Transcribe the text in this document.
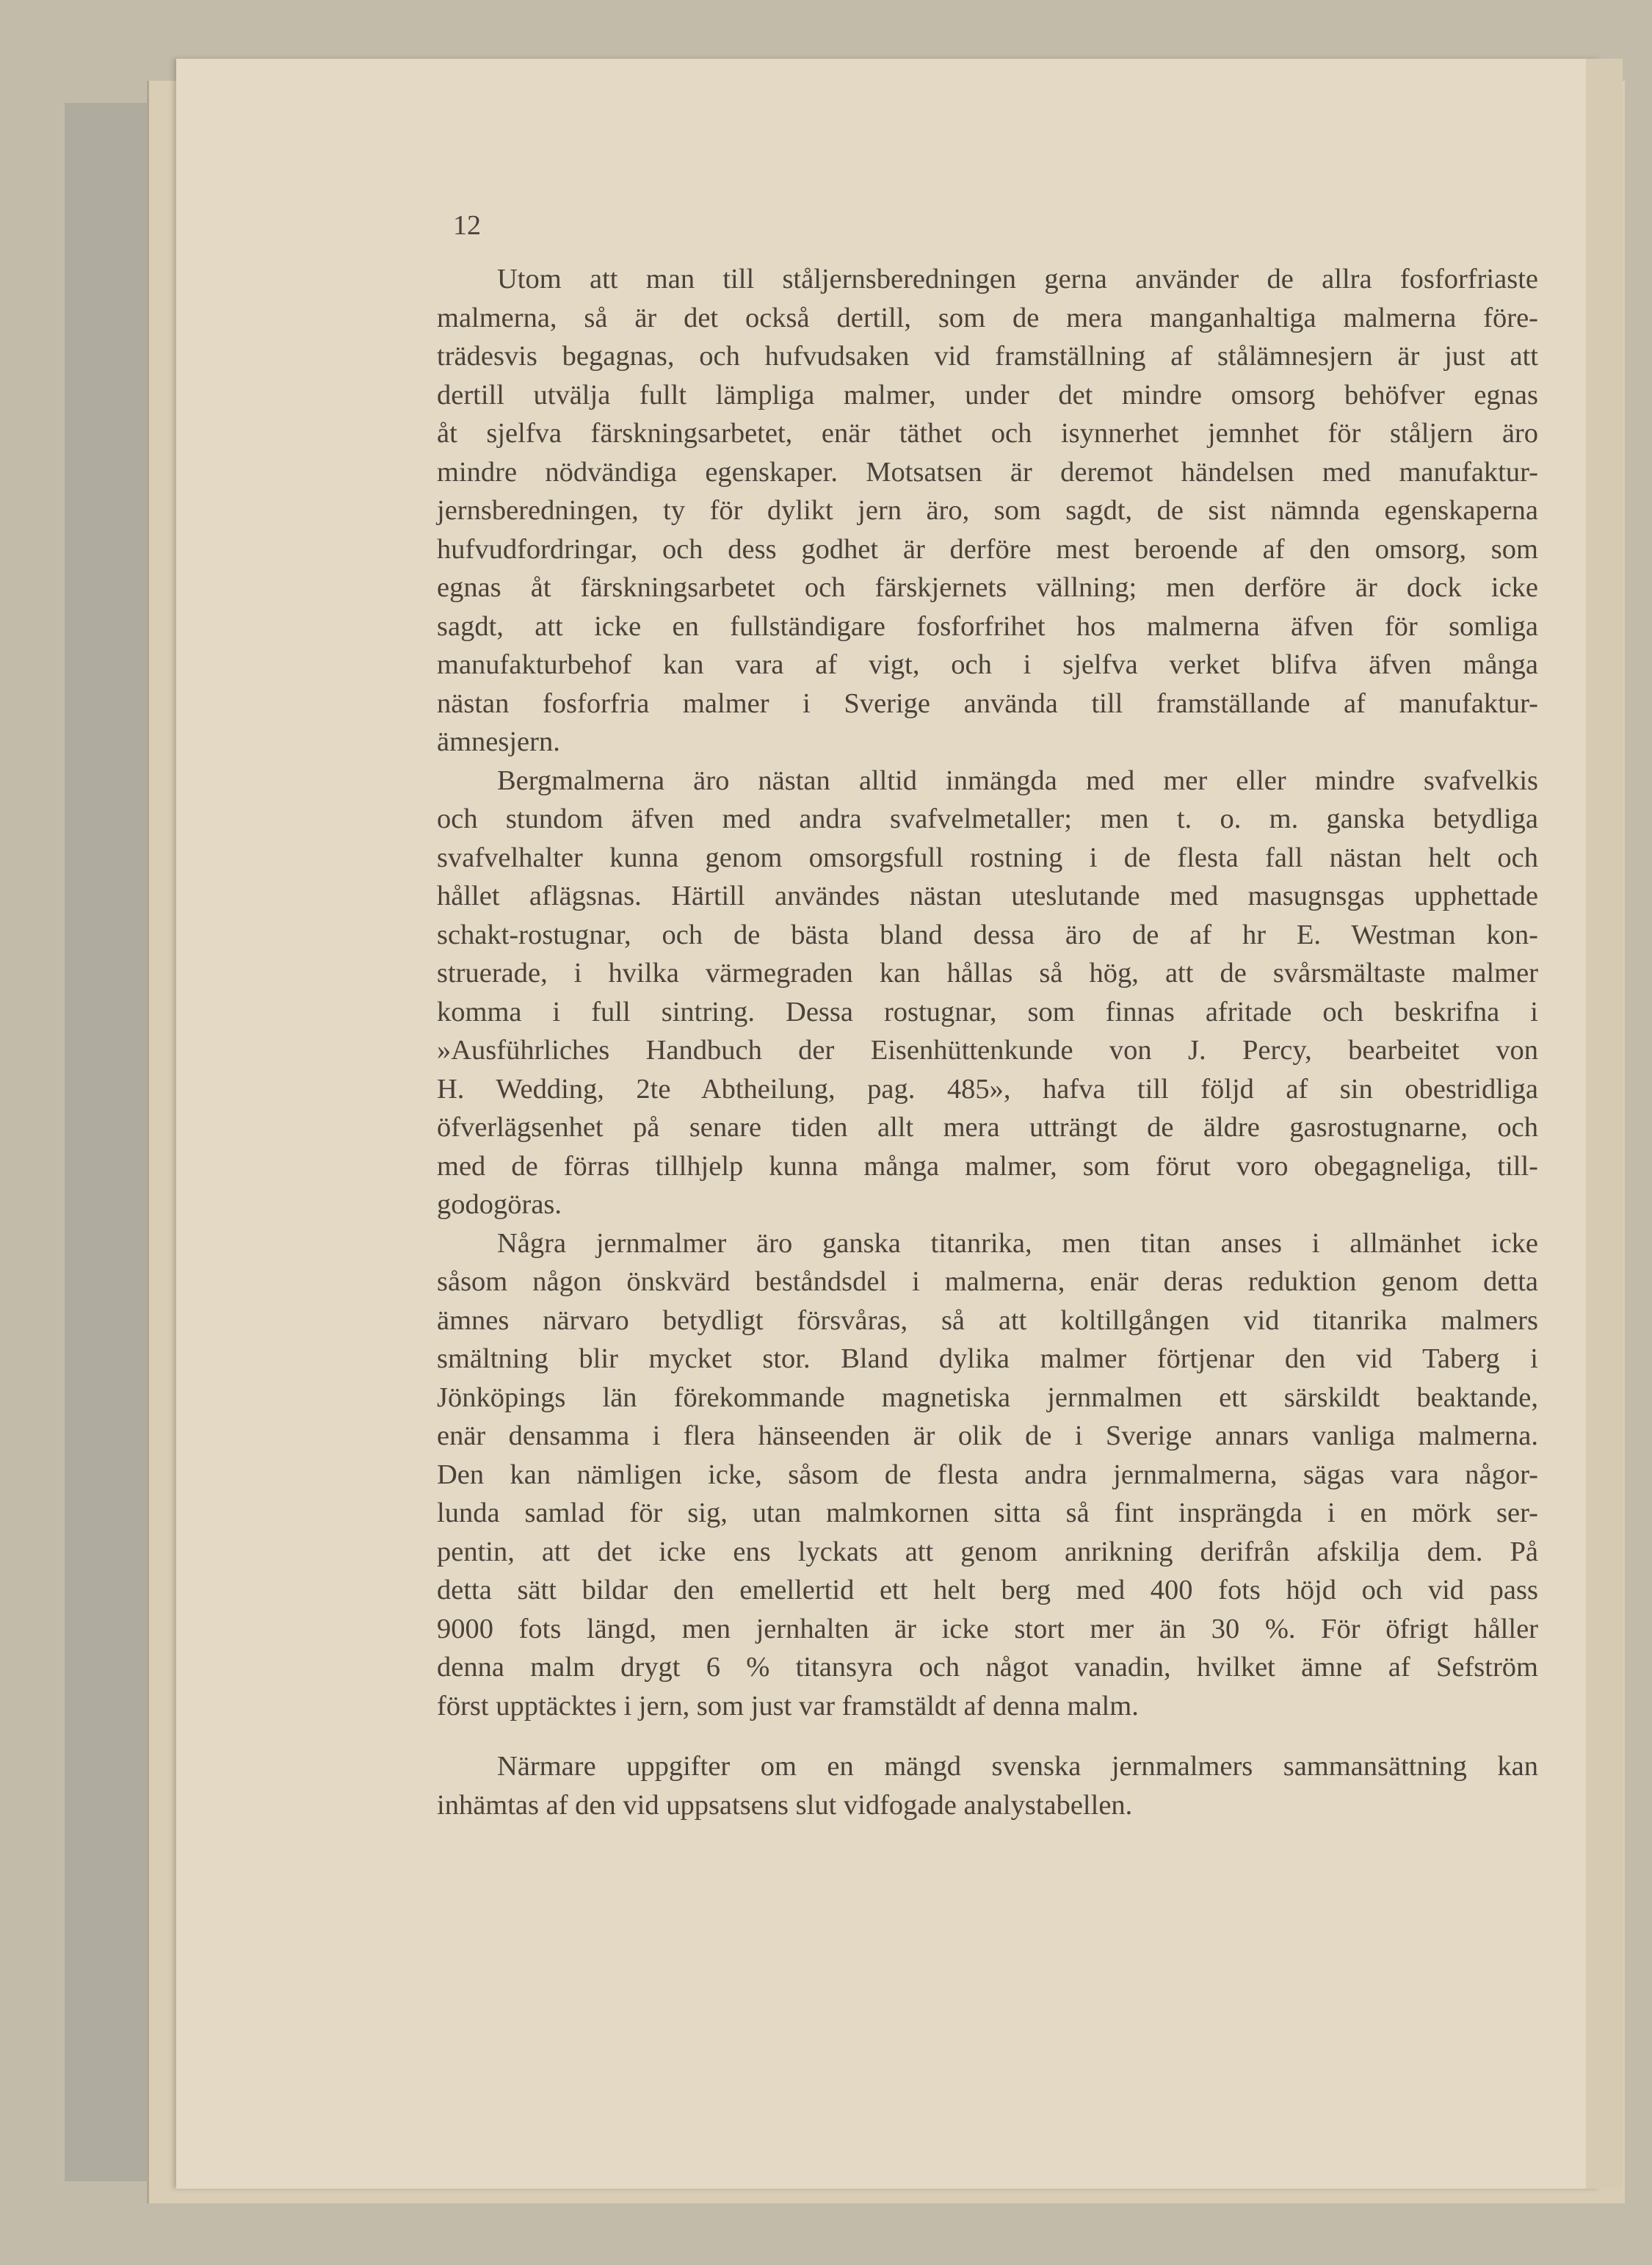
12
Utom att man till ståljernsberedningen gerna använder de allra fosforfriaste
malmerna, så är det också dertill, som de mera manganhaltiga malmerna före-
trädesvis begagnas, och hufvudsaken vid framställning af stålämnesjern är just att
dertill utvälja fullt lämpliga malmer, under det mindre omsorg behöfver egnas
åt sjelfva färskningsarbetet, enär täthet och isynnerhet jemnhet för ståljern äro
mindre nödvändiga egenskaper. Motsatsen är deremot händelsen med manufaktur-
jernsberedningen, ty för dylikt jern äro, som sagdt, de sist nämnda egenskaperna
hufvudfordringar, och dess godhet är derföre mest beroende af den omsorg, som
egnas åt färskningsarbetet och färskjernets vällning; men derföre är dock icke
sagdt, att icke en fullständigare fosforfrihet hos malmerna äfven för somliga
manufakturbehof kan vara af vigt, och i sjelfva verket blifva äfven många
nästan fosforfria malmer i Sverige använda till framställande af manufaktur-
ämnesjern.
Bergmalmerna äro nästan alltid inmängda med mer eller mindre svafvelkis
och stundom äfven med andra svafvelmetaller; men t. o. m. ganska betydliga
svafvelhalter kunna genom omsorgsfull rostning i de flesta fall nästan helt och
hållet aflägsnas. Härtill användes nästan uteslutande med masugnsgas upphettade
schakt-rostugnar, och de bästa bland dessa äro de af hr E. Westman kon-
struerade, i hvilka värmegraden kan hållas så hög, att de svårsmältaste malmer
komma i full sintring. Dessa rostugnar, som finnas afritade och beskrifna i
»Ausführliches Handbuch der Eisenhüttenkunde von J. Percy, bearbeitet von
H. Wedding, 2te Abtheilung, pag. 485», hafva till följd af sin obestridliga
öfverlägsenhet på senare tiden allt mera utträngt de äldre gasrostugnarne, och
med de förras tillhjelp kunna många malmer, som förut voro obegagneliga, till-
godogöras.
Några jernmalmer äro ganska titanrika, men titan anses i allmänhet icke
såsom någon önskvärd beståndsdel i malmerna, enär deras reduktion genom detta
ämnes närvaro betydligt försvåras, så att koltillgången vid titanrika malmers
smältning blir mycket stor. Bland dylika malmer förtjenar den vid Taberg i
Jönköpings län förekommande magnetiska jernmalmen ett särskildt beaktande,
enär densamma i flera hänseenden är olik de i Sverige annars vanliga malmerna.
Den kan nämligen icke, såsom de flesta andra jernmalmerna, sägas vara någor-
lunda samlad för sig, utan malmkornen sitta så fint insprängda i en mörk ser-
pentin, att det icke ens lyckats att genom anrikning derifrån afskilja dem. På
detta sätt bildar den emellertid ett helt berg med 400 fots höjd och vid pass
9000 fots längd, men jernhalten är icke stort mer än 30 %. För öfrigt håller
denna malm drygt 6 % titansyra och något vanadin, hvilket ämne af Sefström
först upptäcktes i jern, som just var framstäldt af denna malm.
Närmare uppgifter om en mängd svenska jernmalmers sammansättning kan
inhämtas af den vid uppsatsens slut vidfogade analystabellen.
